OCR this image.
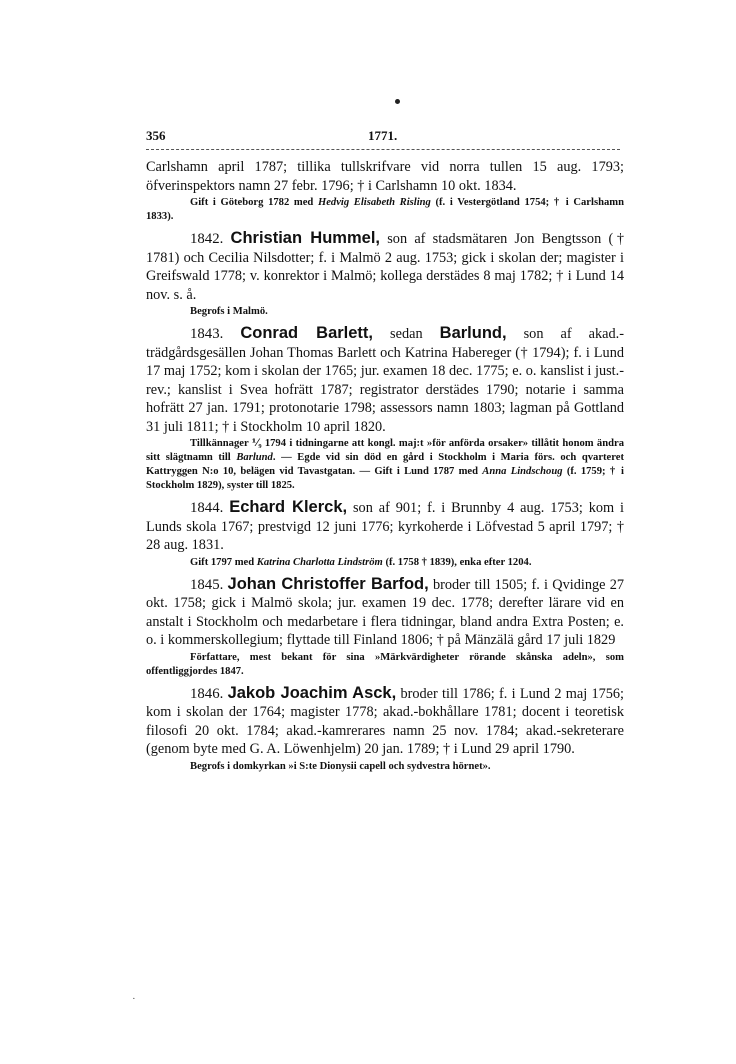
356	1771.

Carlshamn april 1787; tillika tullskrifvare vid norra tullen 15 aug. 1793; öfverinspektors namn 27 febr. 1796; † i Carlshamn 10 okt. 1834.

Gift i Göteborg 1782 med Hedvig Elisabeth Risling (f. i Vestergötland 1754; † i Carlshamn 1833).

1842. Christian Hummel, son af stadsmätaren Jon Bengtsson († 1781) och Cecilia Nilsdotter; f. i Malmö 2 aug. 1753; gick i skolan der; magister i Greifswald 1778; v. konrektor i Malmö; kollega derstädes 8 maj 1782; † i Lund 14 nov. s. å.

Begrofs i Malmö.

1843. Conrad Barlett, sedan Barlund, son af akad.-trädgårdsgesällen Johan Thomas Barlett och Katrina Habereger († 1794); f. i Lund 17 maj 1752; kom i skolan der 1765; jur. examen 18 dec. 1775; e. o. kanslist i just.-rev.; kanslist i Svea hofrätt 1787; registrator derstädes 1790; notarie i samma hofrätt 27 jan. 1791; protonotarie 1798; assessors namn 1803; lagman på Gottland 31 juli 1811; † i Stockholm 10 april 1820.

Tillkännager ⅟₉ 1794 i tidningarne att kongl. maj:t »för anförda orsaker» tillåtit honom ändra sitt slägtnamn till Barlund. — Egde vid sin död en gård i Stockholm i Maria förs. och qvarteret Kattryggen N:o 10, belägen vid Tavastgatan. — Gift i Lund 1787 med Anna Lindschoug (f. 1759; † i Stockholm 1829), syster till 1825.

1844. Echard Klerck, son af 901; f. i Brunnby 4 aug. 1753; kom i Lunds skola 1767; prestvigd 12 juni 1776; kyrkoherde i Löfvestad 5 april 1797; † 28 aug. 1831.

Gift 1797 med Katrina Charlotta Lindström (f. 1758 † 1839), enka efter 1204.

1845. Johan Christoffer Barfod, broder till 1505; f. i Qvidinge 27 okt. 1758; gick i Malmö skola; jur. examen 19 dec. 1778; derefter lärare vid en anstalt i Stockholm och medarbetare i flera tidningar, bland andra Extra Posten; e. o. i kommerskollegium; flyttade till Finland 1806; † på Mänzälä gård 17 juli 1829

Författare, mest bekant för sina »Märkvärdigheter rörande skånska adeln», som offentliggjordes 1847.

1846. Jakob Joachim Asck, broder till 1786; f. i Lund 2 maj 1756; kom i skolan der 1764; magister 1778; akad.-bokhållare 1781; docent i teoretisk filosofi 20 okt. 1784; akad.-kamrerares namn 25 nov. 1784; akad.-sekreterare (genom byte med G. A. Löwenhjelm) 20 jan. 1789; † i Lund 29 april 1790.

Begrofs i domkyrkan »i S:te Dionysii capell och sydvestra hörnet».

·
